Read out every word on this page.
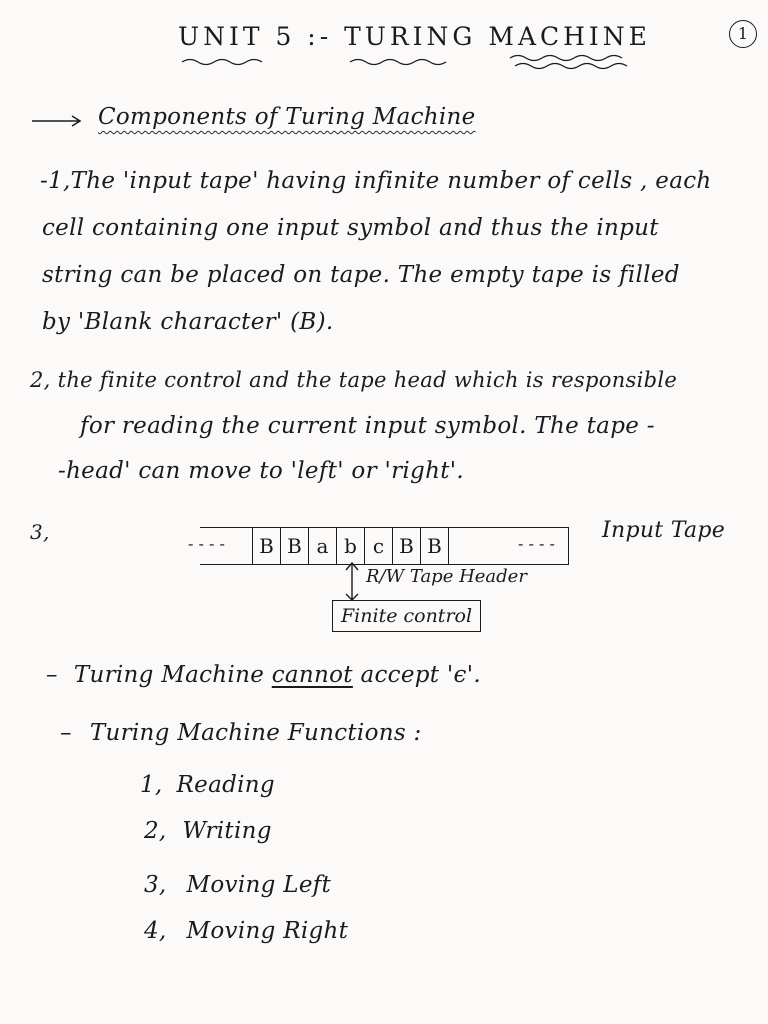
UNIT 5 :- TURING MACHINE	1
Components of Turing Machine
-1,The 'input tape' having infinite number of cells , each
cell containing one input symbol and thus the input
string can be placed on tape. The empty tape is filled
by 'Blank character' (B).
2, the finite control and the tape head which is responsible
for reading the current input symbol. The tape -
-head' can move to 'left' or 'right'.
3,	- - - -	B B a b c B B	- - - -
Input Tape
R/W Tape Header
Finite control
– Turing Machine cannot accept 'ϵ'.
– Turing Machine Functions :
1, Reading
2, Writing
3, Moving Left
4, Moving Right
